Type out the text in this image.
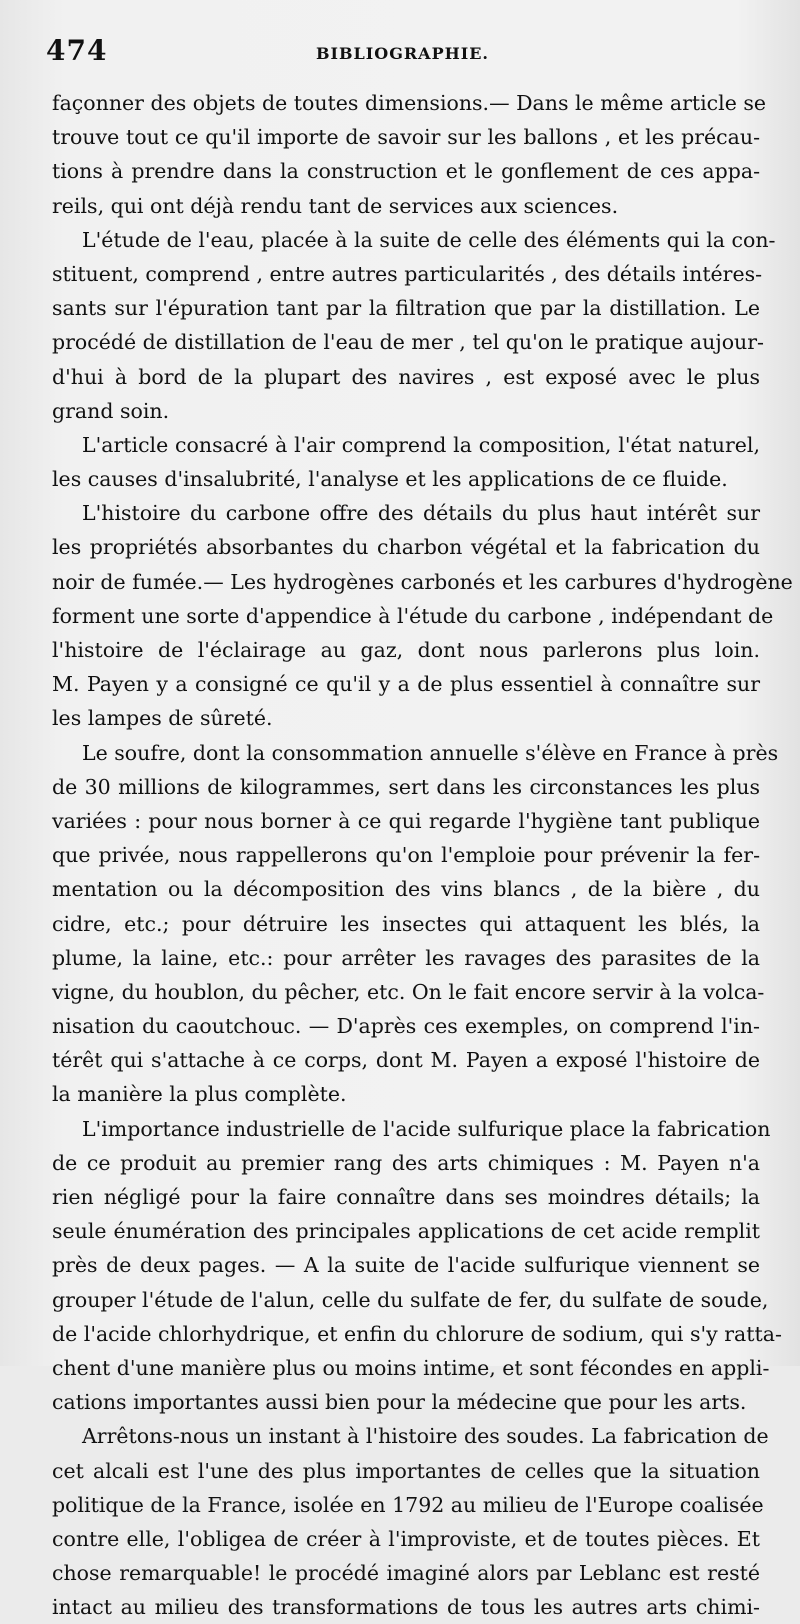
474	BIBLIOGRAPHIE.
façonner des objets de toutes dimensions.— Dans le même article se
trouve tout ce qu'il importe de savoir sur les ballons , et les précau-
tions à prendre dans la construction et le gonflement de ces appa-
reils, qui ont déjà rendu tant de services aux sciences.
L'étude de l'eau, placée à la suite de celle des éléments qui la con-
stituent, comprend , entre autres particularités , des détails intéres-
sants sur l'épuration tant par la filtration que par la distillation. Le
procédé de distillation de l'eau de mer , tel qu'on le pratique aujour-
d'hui à bord de la plupart des navires , est exposé avec le plus
grand soin.
L'article consacré à l'air comprend la composition, l'état naturel,
les causes d'insalubrité, l'analyse et les applications de ce fluide.
L'histoire du carbone offre des détails du plus haut intérêt sur
les propriétés absorbantes du charbon végétal et la fabrication du
noir de fumée.— Les hydrogènes carbonés et les carbures d'hydrogène
forment une sorte d'appendice à l'étude du carbone , indépendant de
l'histoire de l'éclairage au gaz, dont nous parlerons plus loin.
M. Payen y a consigné ce qu'il y a de plus essentiel à connaître sur
les lampes de sûreté.
Le soufre, dont la consommation annuelle s'élève en France à près
de 30 millions de kilogrammes, sert dans les circonstances les plus
variées : pour nous borner à ce qui regarde l'hygiène tant publique
que privée, nous rappellerons qu'on l'emploie pour prévenir la fer-
mentation ou la décomposition des vins blancs , de la bière , du
cidre, etc.; pour détruire les insectes qui attaquent les blés, la
plume, la laine, etc.: pour arrêter les ravages des parasites de la
vigne, du houblon, du pêcher, etc. On le fait encore servir à la volca-
nisation du caoutchouc. — D'après ces exemples, on comprend l'in-
térêt qui s'attache à ce corps, dont M. Payen a exposé l'histoire de
la manière la plus complète.
L'importance industrielle de l'acide sulfurique place la fabrication
de ce produit au premier rang des arts chimiques : M. Payen n'a
rien négligé pour la faire connaître dans ses moindres détails; la
seule énumération des principales applications de cet acide remplit
près de deux pages. — A la suite de l'acide sulfurique viennent se
grouper l'étude de l'alun, celle du sulfate de fer, du sulfate de soude,
de l'acide chlorhydrique, et enfin du chlorure de sodium, qui s'y ratta-
chent d'une manière plus ou moins intime, et sont fécondes en appli-
cations importantes aussi bien pour la médecine que pour les arts.
Arrêtons-nous un instant à l'histoire des soudes. La fabrication de
cet alcali est l'une des plus importantes de celles que la situation
politique de la France, isolée en 1792 au milieu de l'Europe coalisée
contre elle, l'obligea de créer à l'improviste, et de toutes pièces. Et
chose remarquable! le procédé imaginé alors par Leblanc est resté
intact au milieu des transformations de tous les autres arts chimi-
